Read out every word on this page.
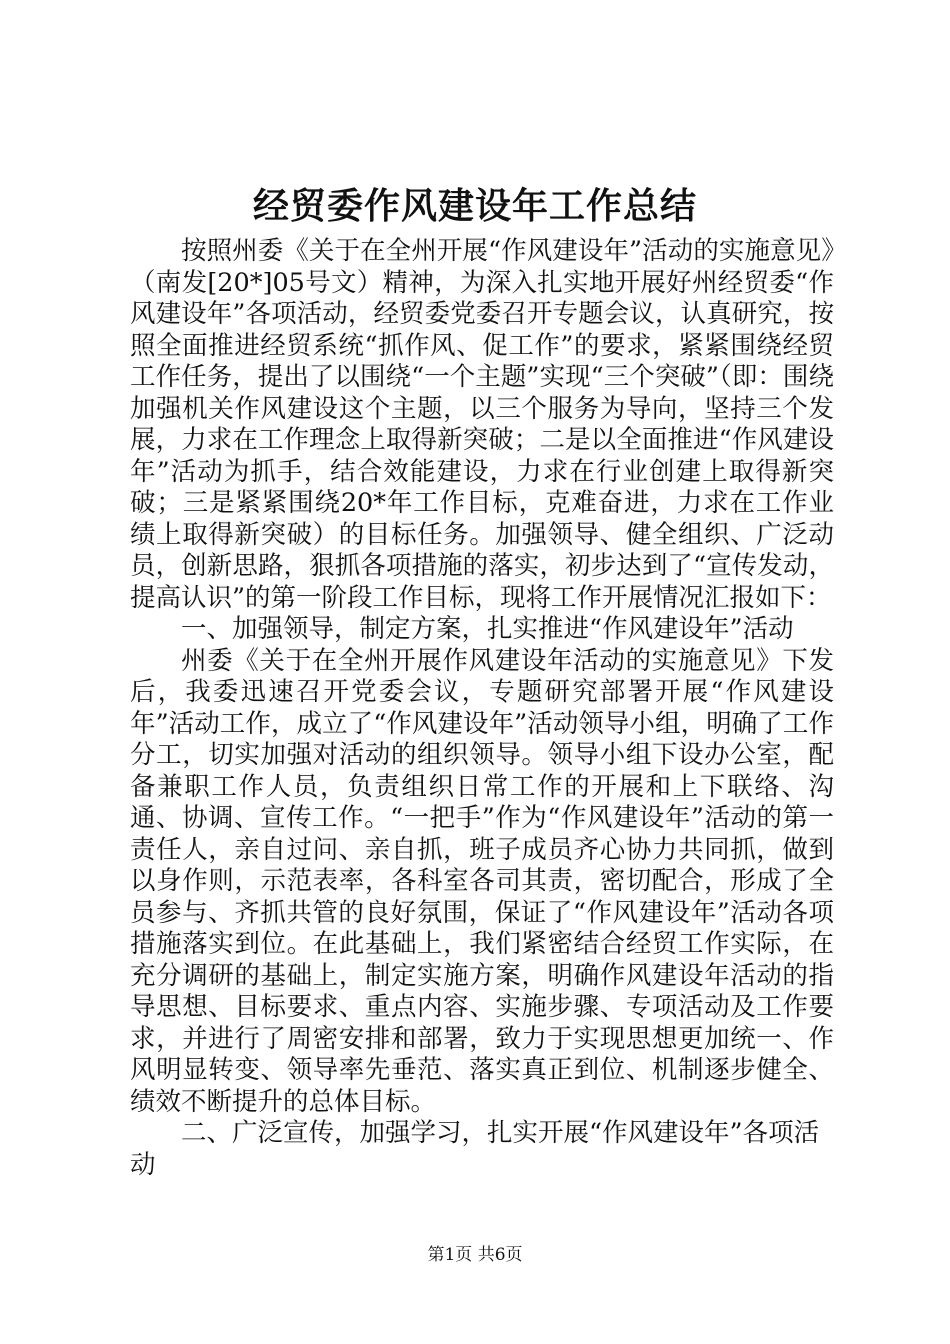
经贸委作风建设年工作总结

按照州委《关于在全州开展“作风建设年”活动的实施意见》（南发[20*]05号文）精神，为深入扎实地开展好州经贸委“作风建设年”各项活动，经贸委党委召开专题会议，认真研究，按照全面推进经贸系统“抓作风、促工作”的要求，紧紧围绕经贸工作任务，提出了以围绕“一个主题”实现“三个突破”（即：围绕加强机关作风建设这个主题，以三个服务为导向，坚持三个发展，力求在工作理念上取得新突破；二是以全面推进“作风建设年”活动为抓手，结合效能建设，力求在行业创建上取得新突破；三是紧紧围绕20*年工作目标，克难奋进，力求在工作业绩上取得新突破）的目标任务。加强领导、健全组织、广泛动员，创新思路，狠抓各项措施的落实，初步达到了“宣传发动，提高认识”的第一阶段工作目标，现将工作开展情况汇报如下：

一、加强领导，制定方案，扎实推进“作风建设年”活动

州委《关于在全州开展作风建设年活动的实施意见》下发后，我委迅速召开党委会议，专题研究部署开展“作风建设年”活动工作，成立了“作风建设年”活动领导小组，明确了工作分工，切实加强对活动的组织领导。领导小组下设办公室，配备兼职工作人员，负责组织日常工作的开展和上下联络、沟通、协调、宣传工作。“一把手”作为“作风建设年”活动的第一责任人，亲自过问、亲自抓，班子成员齐心协力共同抓，做到以身作则，示范表率，各科室各司其责，密切配合，形成了全员参与、齐抓共管的良好氛围，保证了“作风建设年”活动各项措施落实到位。在此基础上，我们紧密结合经贸工作实际，在充分调研的基础上，制定实施方案，明确作风建设年活动的指导思想、目标要求、重点内容、实施步骤、专项活动及工作要求，并进行了周密安排和部署，致力于实现思想更加统一、作风明显转变、领导率先垂范、落实真正到位、机制逐步健全、绩效不断提升的总体目标。

二、广泛宣传，加强学习，扎实开展“作风建设年”各项活动

第1页 共6页
